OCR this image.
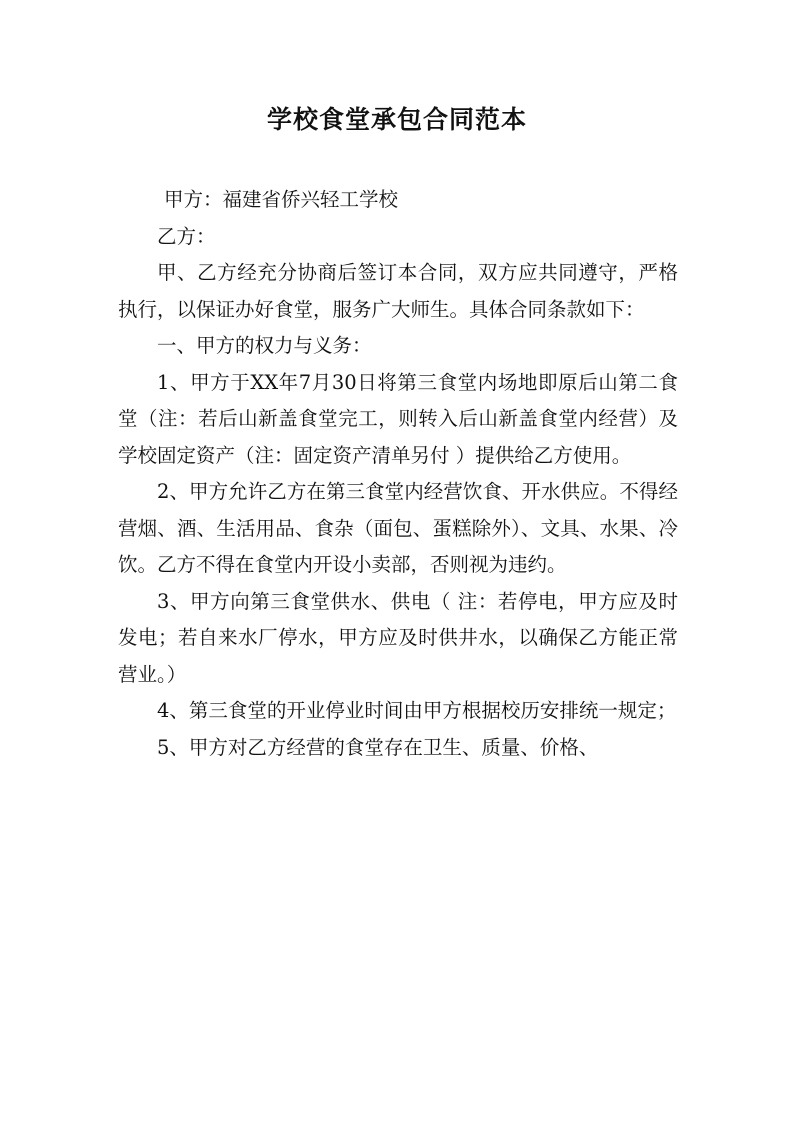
学校食堂承包合同范本

甲方：福建省侨兴轻工学校

乙方：

甲、乙方经充分协商后签订本合同，双方应共同遵守，严格执行，以保证办好食堂，服务广大师生。具体合同条款如下：

一、甲方的权力与义务：

1、甲方于XX年7月30日将第三食堂内场地即原后山第二食堂（注：若后山新盖食堂完工，则转入后山新盖食堂内经营）及学校固定资产（注：固定资产清单另付 ）提供给乙方使用。

2、甲方允许乙方在第三食堂内经营饮食、开水供应。不得经营烟、酒、生活用品、食杂（面包、蛋糕除外）、文具、水果、冷饮。乙方不得在食堂内开设小卖部，否则视为违约。

3、甲方向第三食堂供水、供电（ 注：若停电，甲方应及时发电；若自来水厂停水，甲方应及时供井水，以确保乙方能正常营业。）

4、第三食堂的开业停业时间由甲方根据校历安排统一规定；

5、甲方对乙方经营的食堂存在卫生、质量、价格、
